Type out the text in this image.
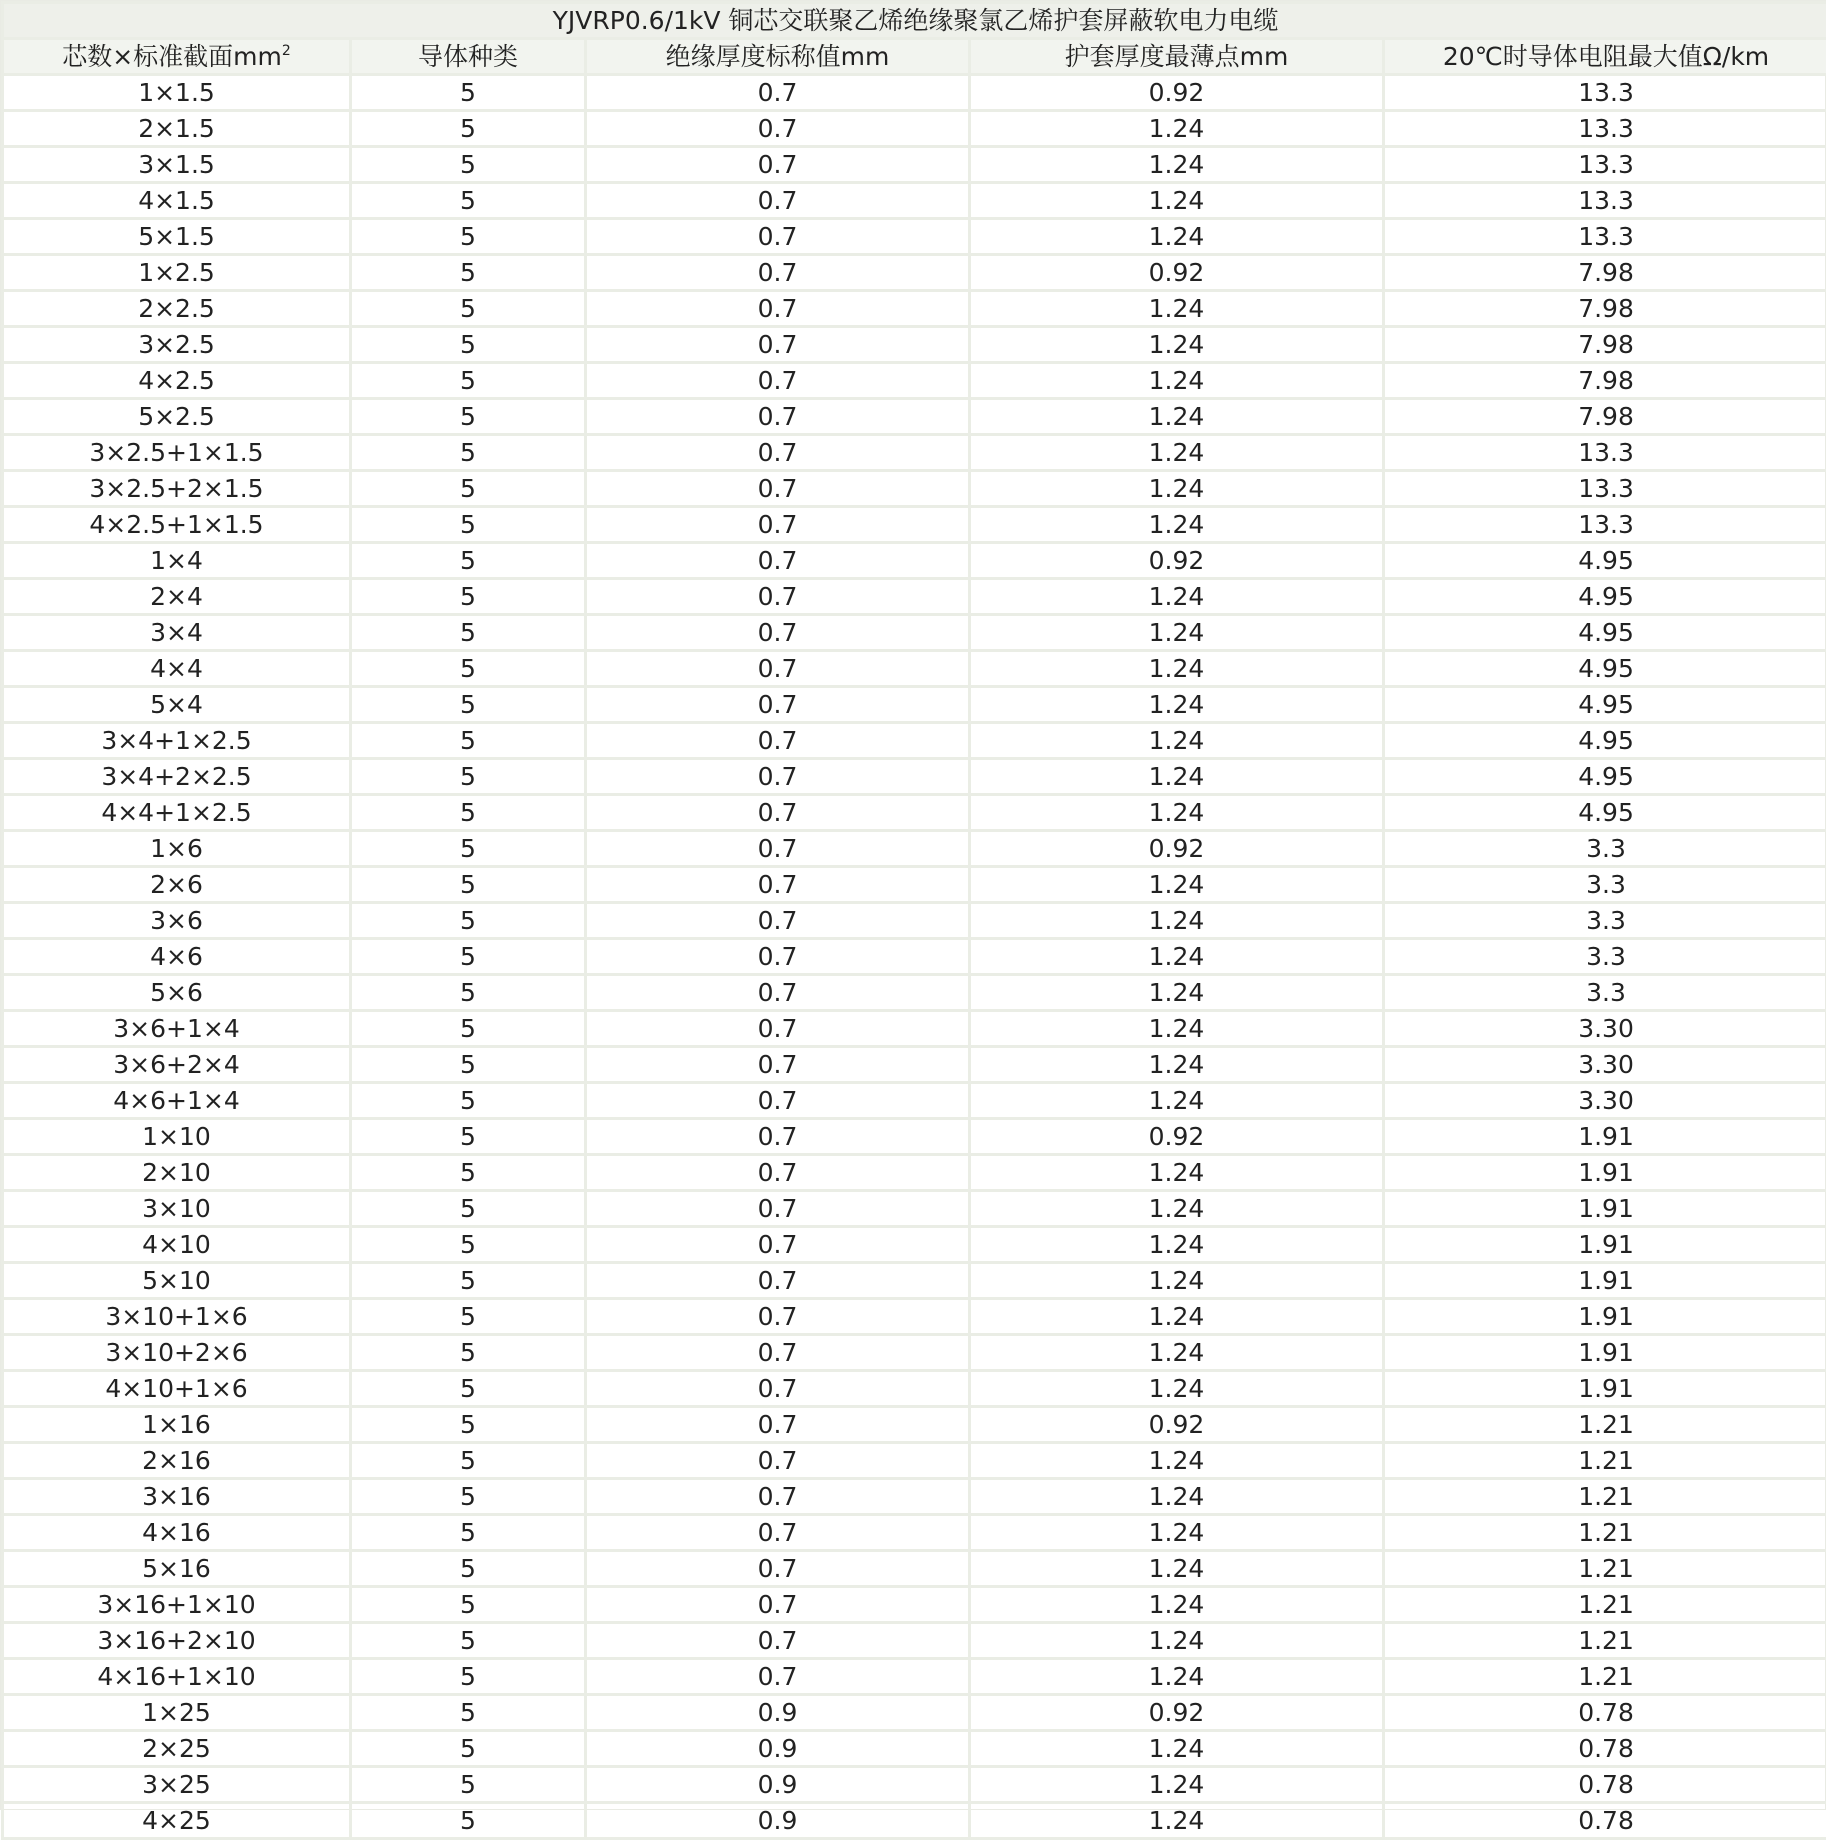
YJVRP0.6/1kV 铜芯交联聚乙烯绝缘聚氯乙烯护套屏蔽软电力电缆				
芯数×标准截面$mm^2$	导体种类	绝缘厚度标称值mm	护套厚度最薄点mm	20℃时导体电阻最大值Ω/km
1×1.5	5	0.7	0.92	13.3
2×1.5	5	0.7	1.24	13.3
3×1.5	5	0.7	1.24	13.3
4×1.5	5	0.7	1.24	13.3
5×1.5	5	0.7	1.24	13.3
1×2.5	5	0.7	0.92	7.98
2×2.5	5	0.7	1.24	7.98
3×2.5	5	0.7	1.24	7.98
4×2.5	5	0.7	1.24	7.98
5×2.5	5	0.7	1.24	7.98
3×2.5+1×1.5	5	0.7	1.24	13.3
3×2.5+2×1.5	5	0.7	1.24	13.3
4×2.5+1×1.5	5	0.7	1.24	13.3
1×4	5	0.7	0.92	4.95
2×4	5	0.7	1.24	4.95
3×4	5	0.7	1.24	4.95
4×4	5	0.7	1.24	4.95
5×4	5	0.7	1.24	4.95
3×4+1×2.5	5	0.7	1.24	4.95
3×4+2×2.5	5	0.7	1.24	4.95
4×4+1×2.5	5	0.7	1.24	4.95
1×6	5	0.7	0.92	3.3
2×6	5	0.7	1.24	3.3
3×6	5	0.7	1.24	3.3
4×6	5	0.7	1.24	3.3
5×6	5	0.7	1.24	3.3
3×6+1×4	5	0.7	1.24	3.30
3×6+2×4	5	0.7	1.24	3.30
4×6+1×4	5	0.7	1.24	3.30
1×10	5	0.7	0.92	1.91
2×10	5	0.7	1.24	1.91
3×10	5	0.7	1.24	1.91
4×10	5	0.7	1.24	1.91
5×10	5	0.7	1.24	1.91
3×10+1×6	5	0.7	1.24	1.91
3×10+2×6	5	0.7	1.24	1.91
4×10+1×6	5	0.7	1.24	1.91
1×16	5	0.7	0.92	1.21
2×16	5	0.7	1.24	1.21
3×16	5	0.7	1.24	1.21
4×16	5	0.7	1.24	1.21
5×16	5	0.7	1.24	1.21
3×16+1×10	5	0.7	1.24	1.21
3×16+2×10	5	0.7	1.24	1.21
4×16+1×10	5	0.7	1.24	1.21
1×25	5	0.9	0.92	0.78
2×25	5	0.9	1.24	0.78
3×25	5	0.9	1.24	0.78
4×25	5	0.9	1.24	0.78
